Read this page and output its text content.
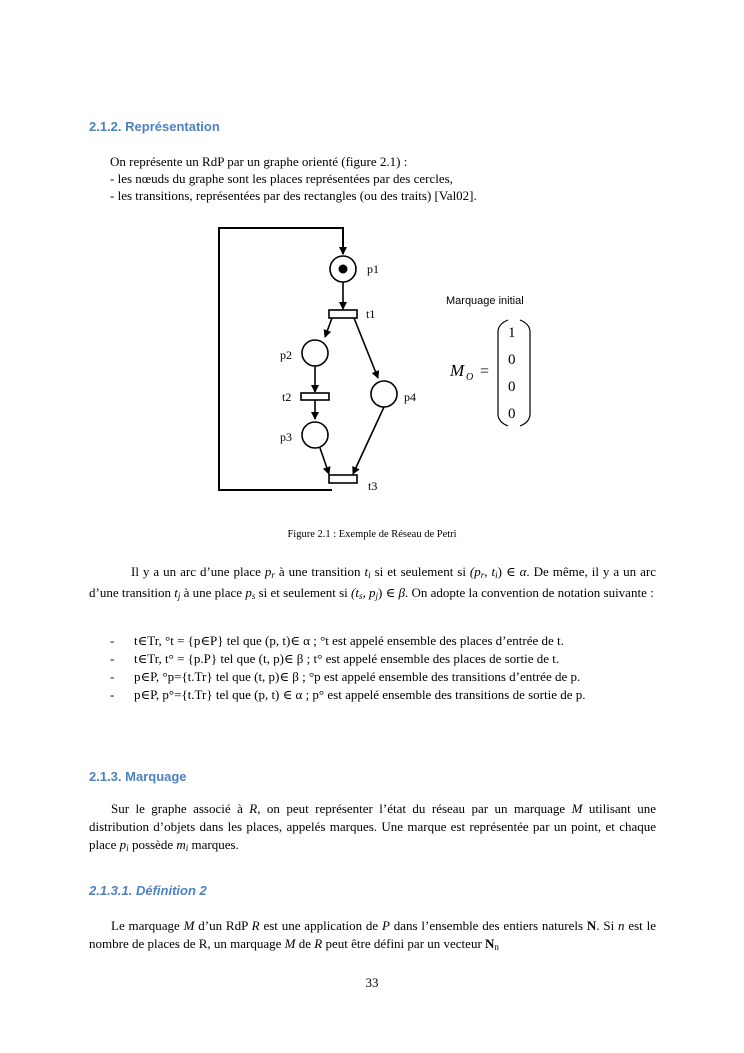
2.1.2. Représentation
On représente un RdP par un graphe orienté (figure 2.1) :
- les nœuds du graphe sont les places représentées par des cercles,
- les transitions, représentées par des rectangles (ou des traits) [Val02].
p1
t1
p2
t2	p4
p3
t3
Marquage initial
M O =
1
0
0
0
Figure 2.1 : Exemple de Réseau de Petri
Il y a un arc d’une place $p_r$ à une transition $t_i$ si et seulement si ($p_r$, $t_i$) ∈ α. De même, il y a un arc d’une transition $t_j$ à une place $p_s$ si et seulement si ($t_s$, $p_j$) ∈ β. On adopte la convention de notation suivante :
-	t∈Tr, °t = {p∈P} tel que (p, t)∈ α ; °t est appelé ensemble des places d’entrée de t.
-	t∈Tr, t° = {p.P} tel que (t, p)∈ β ; t° est appelé ensemble des places de sortie de t.
-	p∈P, °p={t.Tr} tel que (t, p)∈ β ; °p est appelé ensemble des transitions d’entrée de p.
-	p∈P, p°={t.Tr} tel que (p, t) ∈ α ; p° est appelé ensemble des transitions de sortie de p.
2.1.3. Marquage
Sur le graphe associé à R, on peut représenter l’état du réseau par un marquage M utilisant une distribution d’objets dans les places, appelés marques. Une marque est représentée par un point, et chaque place $p_i$ possède $m_i$ marques.
2.1.3.1. Définition 2
Le marquage M d’un RdP R est une application de P dans l’ensemble des entiers naturels N. Si n est le nombre de places de R, un marquage M de R peut être défini par un vecteur $N_n$
33
